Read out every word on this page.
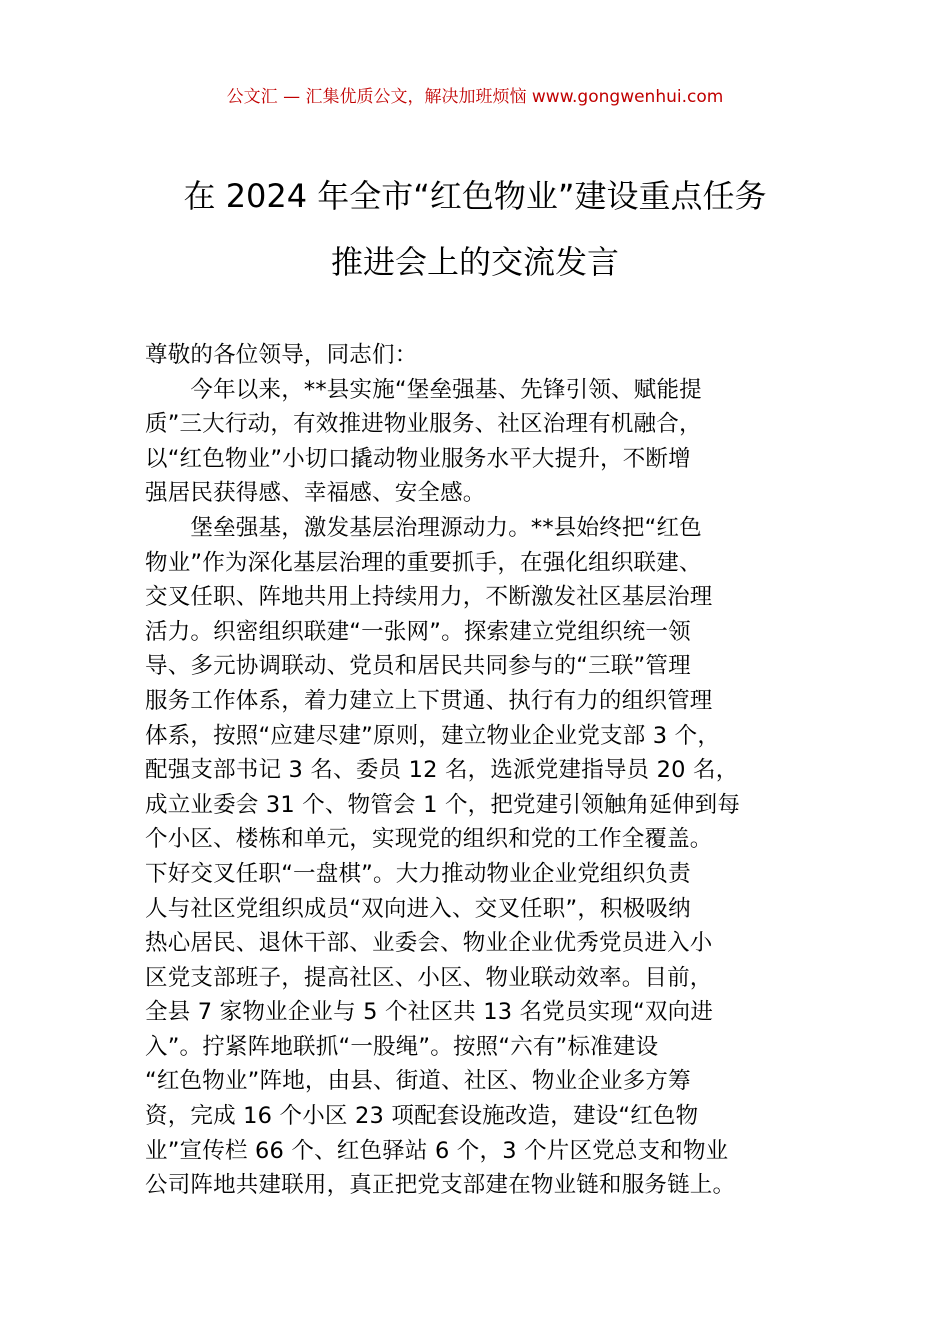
公文汇 — 汇集优质公文，解决加班烦恼 www.gongwenhui.com
在 2024 年全市“红色物业”建设重点任务
推进会上的交流发言
尊敬的各位领导，同志们：
　　今年以来，**县实施“堡垒强基、先锋引领、赋能提
质”三大行动，有效推进物业服务、社区治理有机融合，
以“红色物业”小切口撬动物业服务水平大提升，不断增
强居民获得感、幸福感、安全感。
　　堡垒强基，激发基层治理源动力。**县始终把“红色
物业”作为深化基层治理的重要抓手，在强化组织联建、
交叉任职、阵地共用上持续用力，不断激发社区基层治理
活力。织密组织联建“一张网”。探索建立党组织统一领
导、多元协调联动、党员和居民共同参与的“三联”管理
服务工作体系，着力建立上下贯通、执行有力的组织管理
体系，按照“应建尽建”原则，建立物业企业党支部 3 个，
配强支部书记 3 名、委员 12 名，选派党建指导员 20 名，
成立业委会 31 个、物管会 1 个，把党建引领触角延伸到每
个小区、楼栋和单元，实现党的组织和党的工作全覆盖。
下好交叉任职“一盘棋”。大力推动物业企业党组织负责
人与社区党组织成员“双向进入、交叉任职”，积极吸纳
热心居民、退休干部、业委会、物业企业优秀党员进入小
区党支部班子，提高社区、小区、物业联动效率。目前，
全县 7 家物业企业与 5 个社区共 13 名党员实现“双向进
入”。拧紧阵地联抓“一股绳”。按照“六有”标准建设
“红色物业”阵地，由县、街道、社区、物业企业多方筹
资，完成 16 个小区 23 项配套设施改造，建设“红色物
业”宣传栏 66 个、红色驿站 6 个，3 个片区党总支和物业
公司阵地共建联用，真正把党支部建在物业链和服务链上。
